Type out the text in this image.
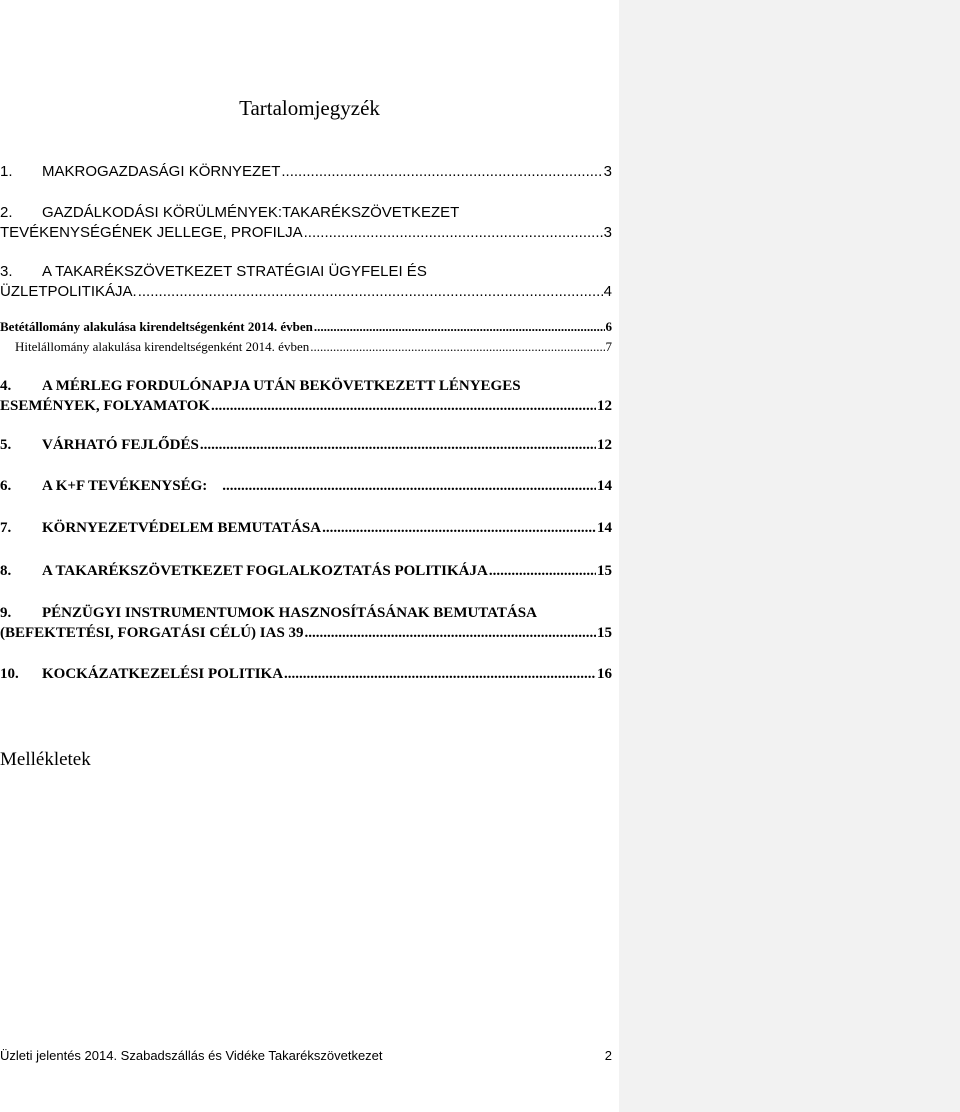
Tartalomjegyzék
1.	MAKROGAZDASÁGI KÖRNYEZET .....	3
2.	GAZDÁLKODÁSI KÖRÜLMÉNYEK:TAKARÉKSZÖVETKEZET
TEVÉKENYSÉGÉNEK JELLEGE, PROFILJA .....	3
3.	A TAKARÉKSZÖVETKEZET STRATÉGIAI ÜGYFELEI ÉS
ÜZLETPOLITIKÁJA. .....	4
Betétállomány alakulása kirendeltségenként 2014. évben .....	6
Hitelállomány alakulása kirendeltségenként 2014. évben .....	7
4.	A MÉRLEG FORDULÓNAPJA UTÁN BEKÖVETKEZETT LÉNYEGES
ESEMÉNYEK, FOLYAMATOK .....	12
5.	VÁRHATÓ FEJLŐDÉS .....	12
6.	A K+F TEVÉKENYSÉG: .....	14
7.	KÖRNYEZETVÉDELEM BEMUTATÁSA .....	14
8.	A TAKARÉKSZÖVETKEZET FOGLALKOZTATÁS POLITIKÁJA .....	15
9.	PÉNZÜGYI INSTRUMENTUMOK HASZNOSÍTÁSÁNAK BEMUTATÁSA
(BEFEKTETÉSI, FORGATÁSI CÉLÚ) IAS 39 .....	15
10.	KOCKÁZATKEZELÉSI POLITIKA .....	16
Mellékletek
Üzleti jelentés 2014. Szabadszállás és Vidéke Takarékszövetkezet	2
